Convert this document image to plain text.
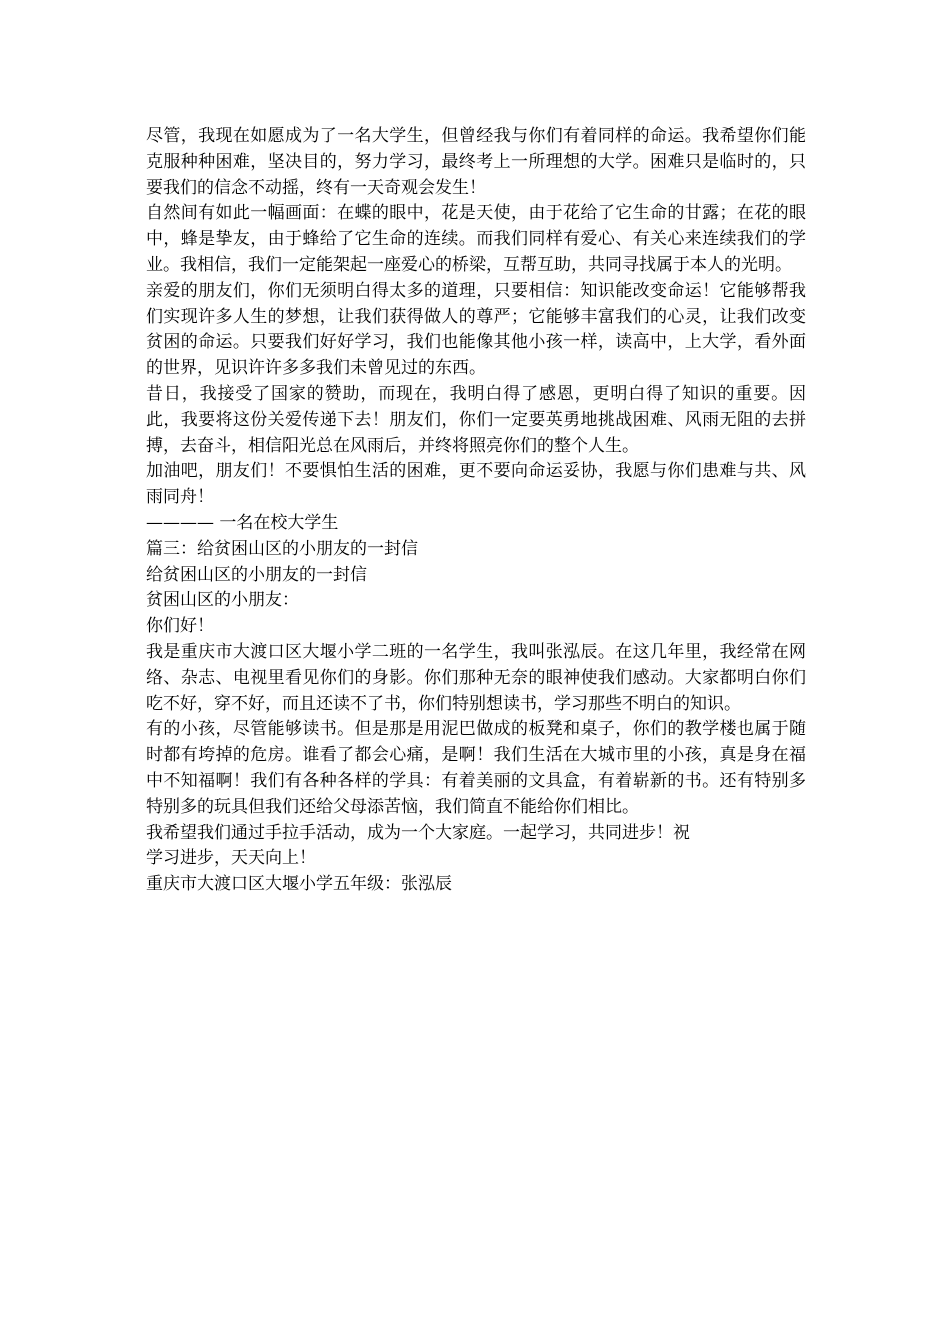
尽管，我现在如愿成为了一名大学生，但曾经我与你们有着同样的命运。我希望你们能克服种种困难，坚决目的，努力学习，最终考上一所理想的大学。困难只是临时的，只要我们的信念不动摇，终有一天奇观会发生！

自然间有如此一幅画面：在蝶的眼中，花是天使，由于花给了它生命的甘露；在花的眼中，蜂是挚友，由于蜂给了它生命的连续。而我们同样有爱心、有关心来连续我们的学业。我相信，我们一定能架起一座爱心的桥梁，互帮互助，共同寻找属于本人的光明。

亲爱的朋友们，你们无须明白得太多的道理，只要相信：知识能改变命运！它能够帮我们实现许多人生的梦想，让我们获得做人的尊严；它能够丰富我们的心灵，让我们改变贫困的命运。只要我们好好学习，我们也能像其他小孩一样，读高中，上大学，看外面的世界，见识许许多多我们未曾见过的东西。

昔日，我接受了国家的赞助，而现在，我明白得了感恩，更明白得了知识的重要。因此，我要将这份关爱传递下去！朋友们，你们一定要英勇地挑战困难、风雨无阻的去拼搏，去奋斗，相信阳光总在风雨后，并终将照亮你们的整个人生。

加油吧，朋友们！不要惧怕生活的困难，更不要向命运妥协，我愿与你们患难与共、风雨同舟！

———— 一名在校大学生

篇三：给贫困山区的小朋友的一封信

给贫困山区的小朋友的一封信

贫困山区的小朋友：

你们好！

我是重庆市大渡口区大堰小学二班的一名学生，我叫张泓辰。在这几年里，我经常在网络、杂志、电视里看见你们的身影。你们那种无奈的眼神使我们感动。大家都明白你们吃不好，穿不好，而且还读不了书，你们特别想读书，学习那些不明白的知识。

有的小孩，尽管能够读书。但是那是用泥巴做成的板凳和桌子，你们的教学楼也属于随时都有垮掉的危房。谁看了都会心痛，是啊！我们生活在大城市里的小孩，真是身在福中不知福啊！我们有各种各样的学具：有着美丽的文具盒，有着崭新的书。还有特别多特别多的玩具但我们还给父母添苦恼，我们简直不能给你们相比。

我希望我们通过手拉手活动，成为一个大家庭。一起学习，共同进步！祝

学习进步，天天向上！

重庆市大渡口区大堰小学五年级：张泓辰
